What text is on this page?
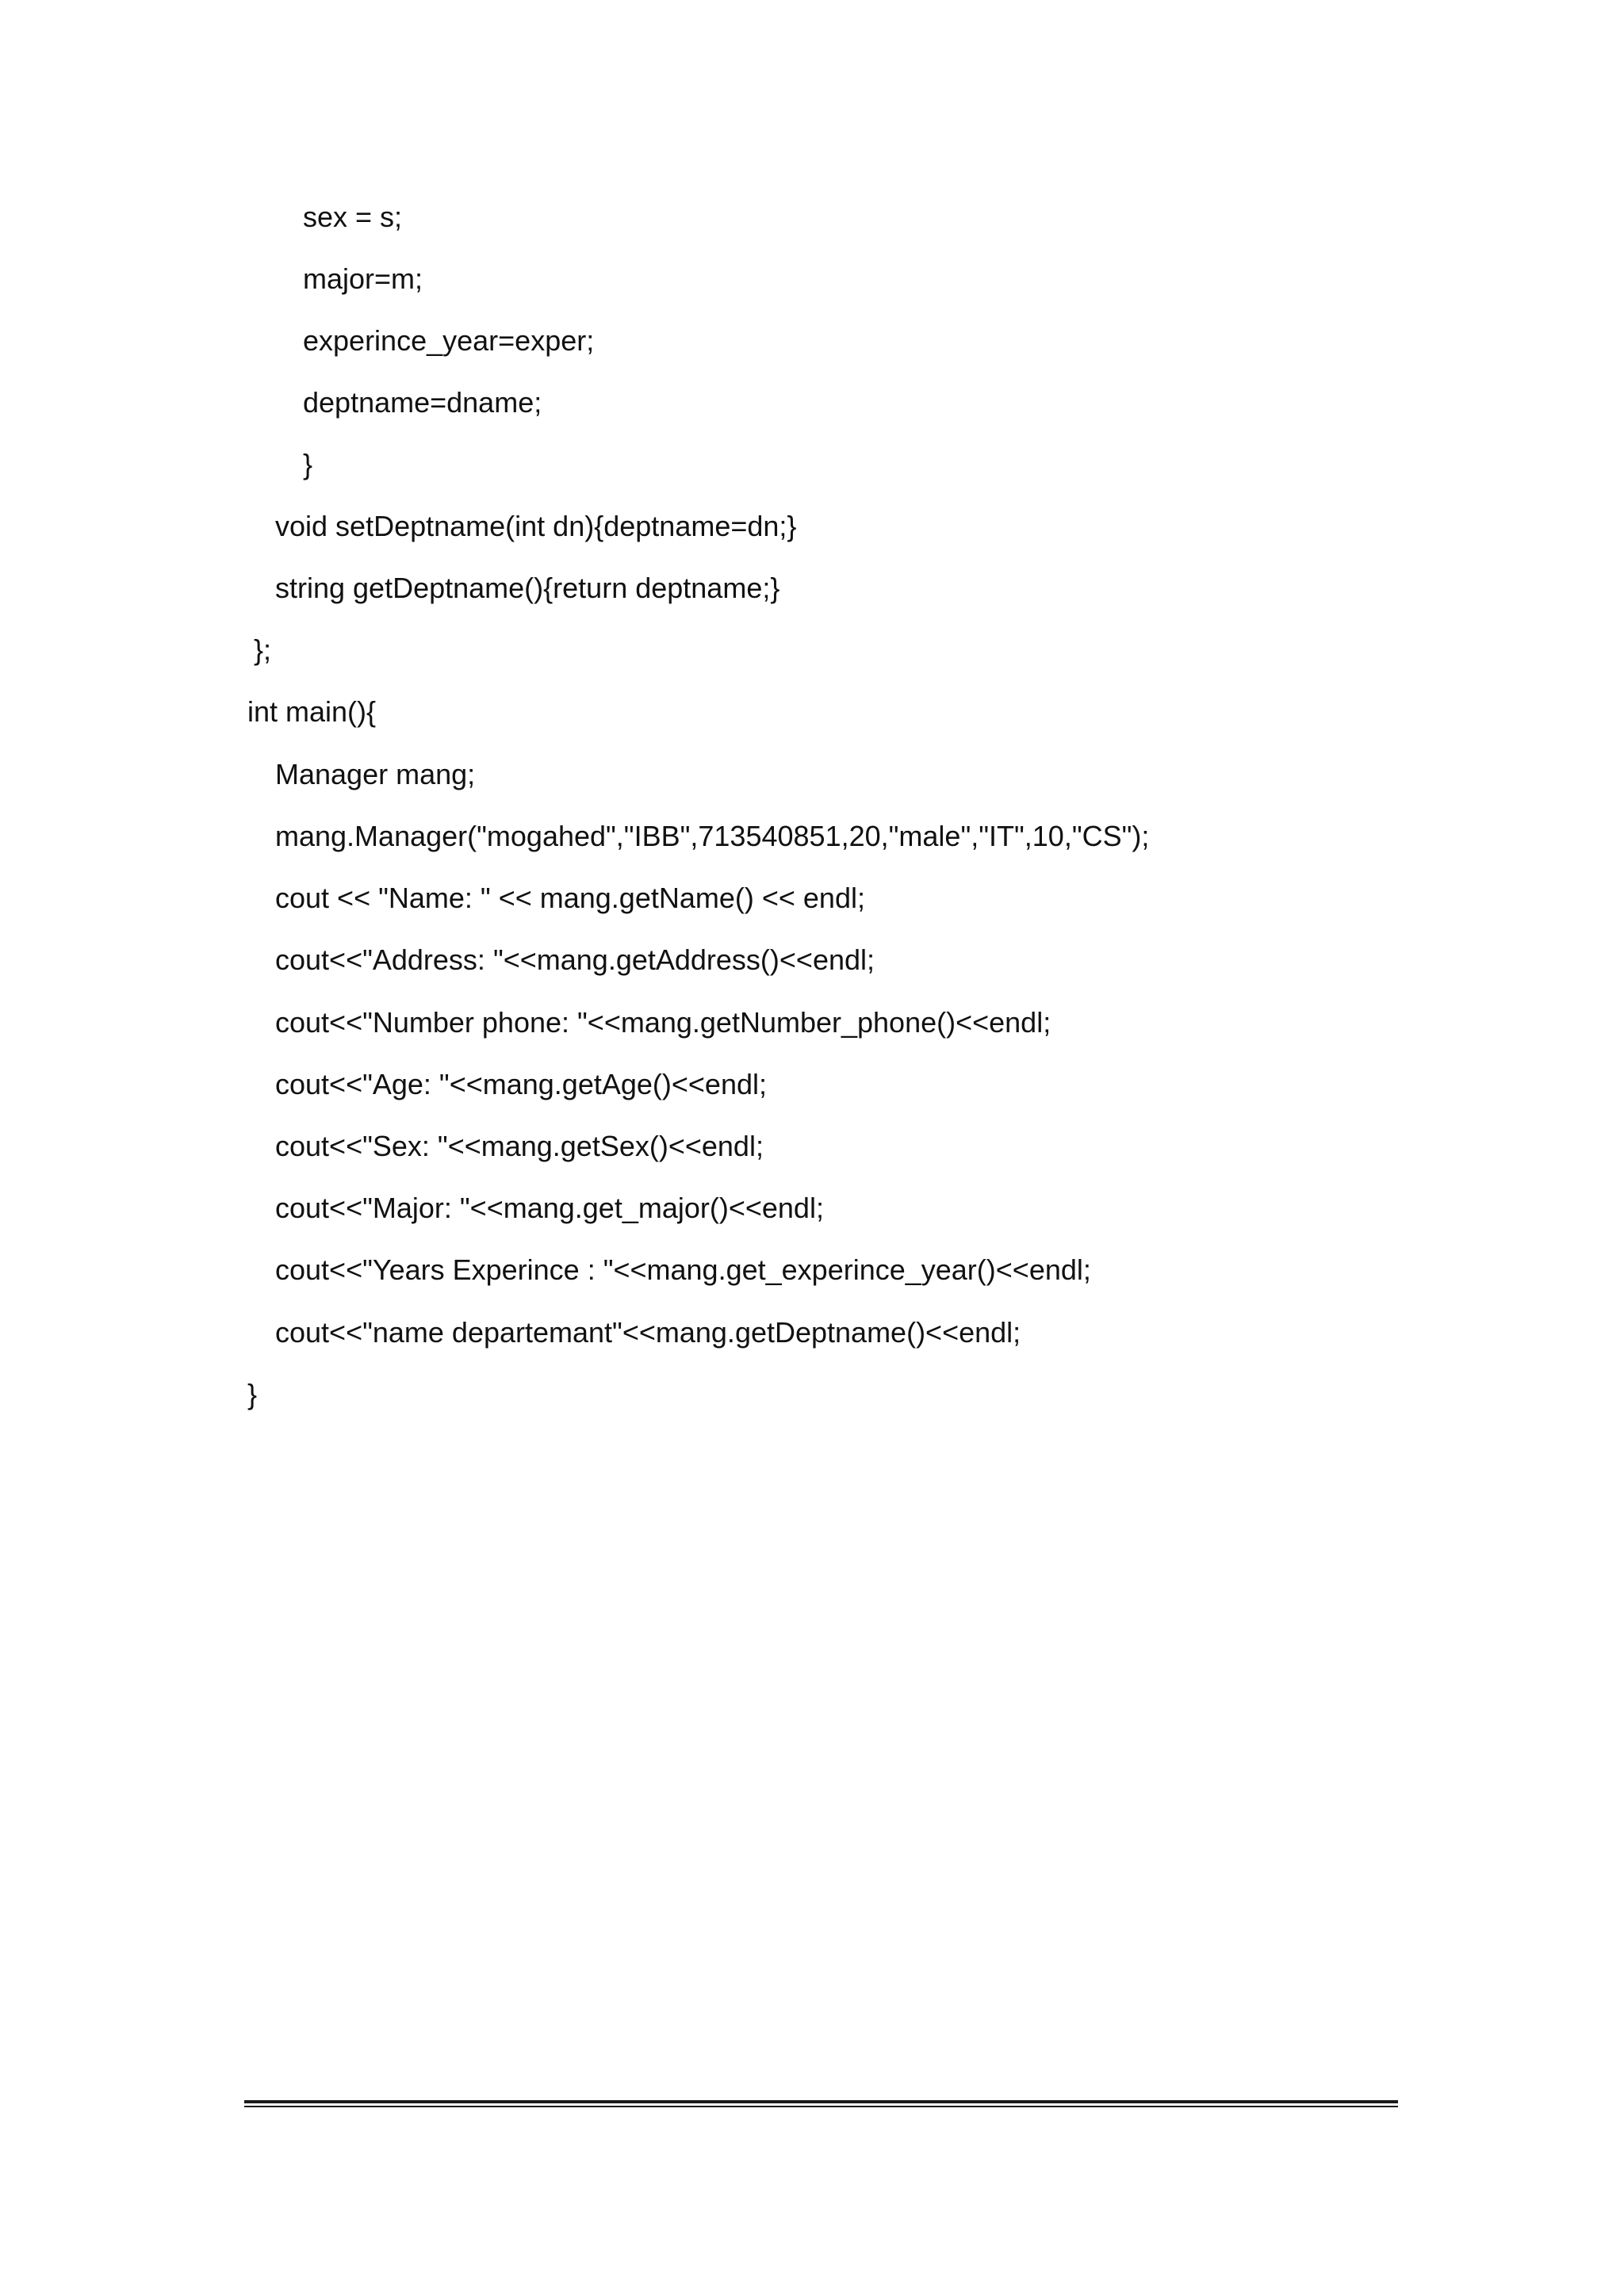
sex = s;
major=m;
experince_year=exper;
deptname=dname;
}
void setDeptname(int dn){deptname=dn;}
string getDeptname(){return deptname;}
};
int main(){
Manager mang;
mang.Manager("mogahed","IBB",713540851,20,"male","IT",10,"CS");
cout << "Name: " << mang.getName() << endl;
cout<<"Address: "<<mang.getAddress()<<endl;
cout<<"Number phone: "<<mang.getNumber_phone()<<endl;
cout<<"Age: "<<mang.getAge()<<endl;
cout<<"Sex: "<<mang.getSex()<<endl;
cout<<"Major: "<<mang.get_major()<<endl;
cout<<"Years Experince : "<<mang.get_experince_year()<<endl;
cout<<"name departemant"<<mang.getDeptname()<<endl;
}
